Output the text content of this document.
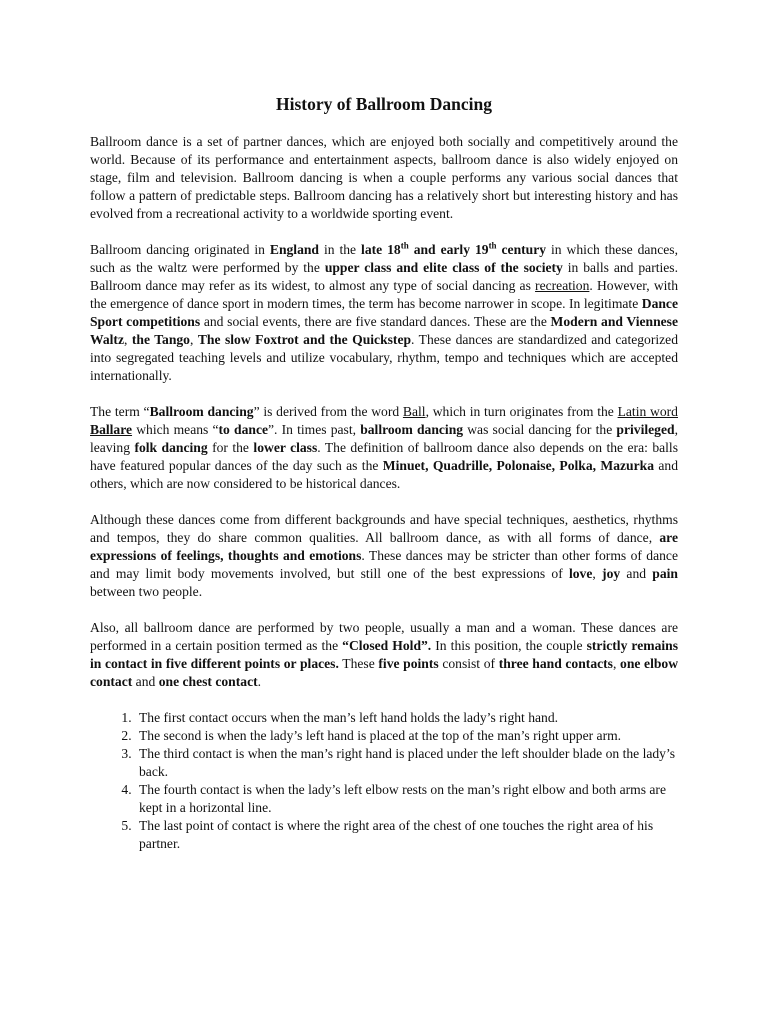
History of Ballroom Dancing

Ballroom dance is a set of partner dances, which are enjoyed both socially and competitively around the world. Because of its performance and entertainment aspects, ballroom dance is also widely enjoyed on stage, film and television. Ballroom dancing is when a couple performs any various social dances that follow a pattern of predictable steps. Ballroom dancing has a relatively short but interesting history and has evolved from a recreational activity to a worldwide sporting event.

Ballroom dancing originated in England in the late 18th and early 19th century in which these dances, such as the waltz were performed by the upper class and elite class of the society in balls and parties. Ballroom dance may refer as its widest, to almost any type of social dancing as recreation. However, with the emergence of dance sport in modern times, the term has become narrower in scope. In legitimate Dance Sport competitions and social events, there are five standard dances. These are the Modern and Viennese Waltz, the Tango, The slow Foxtrot and the Quickstep. These dances are standardized and categorized into segregated teaching levels and utilize vocabulary, rhythm, tempo and techniques which are accepted internationally.

The term “Ballroom dancing” is derived from the word Ball, which in turn originates from the Latin word Ballare which means “to dance”. In times past, ballroom dancing was social dancing for the privileged, leaving folk dancing for the lower class. The definition of ballroom dance also depends on the era: balls have featured popular dances of the day such as the Minuet, Quadrille, Polonaise, Polka, Mazurka and others, which are now considered to be historical dances.

Although these dances come from different backgrounds and have special techniques, aesthetics, rhythms and tempos, they do share common qualities. All ballroom dance, as with all forms of dance, are expressions of feelings, thoughts and emotions. These dances may be stricter than other forms of dance and may limit body movements involved, but still one of the best expressions of love, joy and pain between two people.

Also, all ballroom dance are performed by two people, usually a man and a woman. These dances are performed in a certain position termed as the “Closed Hold”. In this position, the couple strictly remains in contact in five different points or places. These five points consist of three hand contacts, one elbow contact and one chest contact.

1. The first contact occurs when the man’s left hand holds the lady’s right hand.
2. The second is when the lady’s left hand is placed at the top of the man’s right upper arm.
3. The third contact is when the man’s right hand is placed under the left shoulder blade on the lady’s back.
4. The fourth contact is when the lady’s left elbow rests on the man’s right elbow and both arms are kept in a horizontal line.
5. The last point of contact is where the right area of the chest of one touches the right area of his partner.
